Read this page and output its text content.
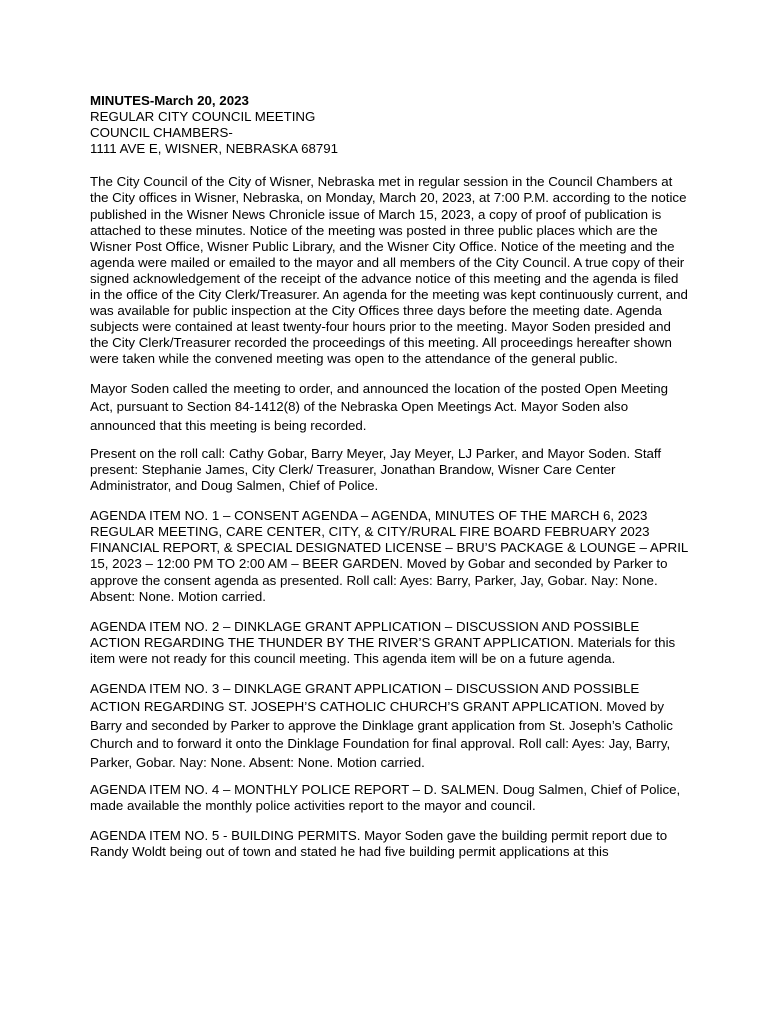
MINUTES-March 20, 2023

REGULAR CITY COUNCIL MEETING

COUNCIL CHAMBERS-

1111 AVE E, WISNER, NEBRASKA 68791

The City Council of the City of Wisner, Nebraska met in regular session in the Council Chambers at the City offices in Wisner, Nebraska, on Monday, March 20, 2023, at 7:00 P.M. according to the notice published in the Wisner News Chronicle issue of March 15, 2023, a copy of proof of publication is attached to these minutes. Notice of the meeting was posted in three public places which are the Wisner Post Office, Wisner Public Library, and the Wisner City Office. Notice of the meeting and the agenda were mailed or emailed to the mayor and all members of the City Council. A true copy of their signed acknowledgement of the receipt of the advance notice of this meeting and the agenda is filed in the office of the City Clerk/Treasurer. An agenda for the meeting was kept continuously current, and was available for public inspection at the City Offices three days before the meeting date. Agenda subjects were contained at least twenty-four hours prior to the meeting. Mayor Soden presided and the City Clerk/Treasurer recorded the proceedings of this meeting. All proceedings hereafter shown were taken while the convened meeting was open to the attendance of the general public.

Mayor Soden called the meeting to order, and announced the location of the posted Open Meeting Act, pursuant to Section 84-1412(8) of the Nebraska Open Meetings Act. Mayor Soden also announced that this meeting is being recorded.

Present on the roll call: Cathy Gobar, Barry Meyer, Jay Meyer, LJ Parker, and Mayor Soden. Staff present: Stephanie James, City Clerk/ Treasurer, Jonathan Brandow, Wisner Care Center Administrator, and Doug Salmen, Chief of Police.

AGENDA ITEM NO. 1 – CONSENT AGENDA – AGENDA, MINUTES OF THE MARCH 6, 2023 REGULAR MEETING, CARE CENTER, CITY, & CITY/RURAL FIRE BOARD FEBRUARY 2023 FINANCIAL REPORT, & SPECIAL DESIGNATED LICENSE – BRU’S PACKAGE & LOUNGE – APRIL 15, 2023 – 12:00 PM TO 2:00 AM – BEER GARDEN. Moved by Gobar and seconded by Parker to approve the consent agenda as presented. Roll call: Ayes: Barry, Parker, Jay, Gobar. Nay: None. Absent: None. Motion carried.

AGENDA ITEM NO. 2 – DINKLAGE GRANT APPLICATION – DISCUSSION AND POSSIBLE ACTION REGARDING THE THUNDER BY THE RIVER’S GRANT APPLICATION. Materials for this item were not ready for this council meeting. This agenda item will be on a future agenda.

AGENDA ITEM NO. 3 – DINKLAGE GRANT APPLICATION – DISCUSSION AND POSSIBLE ACTION REGARDING ST. JOSEPH’S CATHOLIC CHURCH’S GRANT APPLICATION. Moved by Barry and seconded by Parker to approve the Dinklage grant application from St. Joseph’s Catholic Church and to forward it onto the Dinklage Foundation for final approval. Roll call: Ayes: Jay, Barry, Parker, Gobar. Nay: None. Absent: None. Motion carried.

AGENDA ITEM NO. 4 – MONTHLY POLICE REPORT – D. SALMEN. Doug Salmen, Chief of Police, made available the monthly police activities report to the mayor and council.

AGENDA ITEM NO. 5 - BUILDING PERMITS. Mayor Soden gave the building permit report due to Randy Woldt being out of town and stated he had five building permit applications at this
